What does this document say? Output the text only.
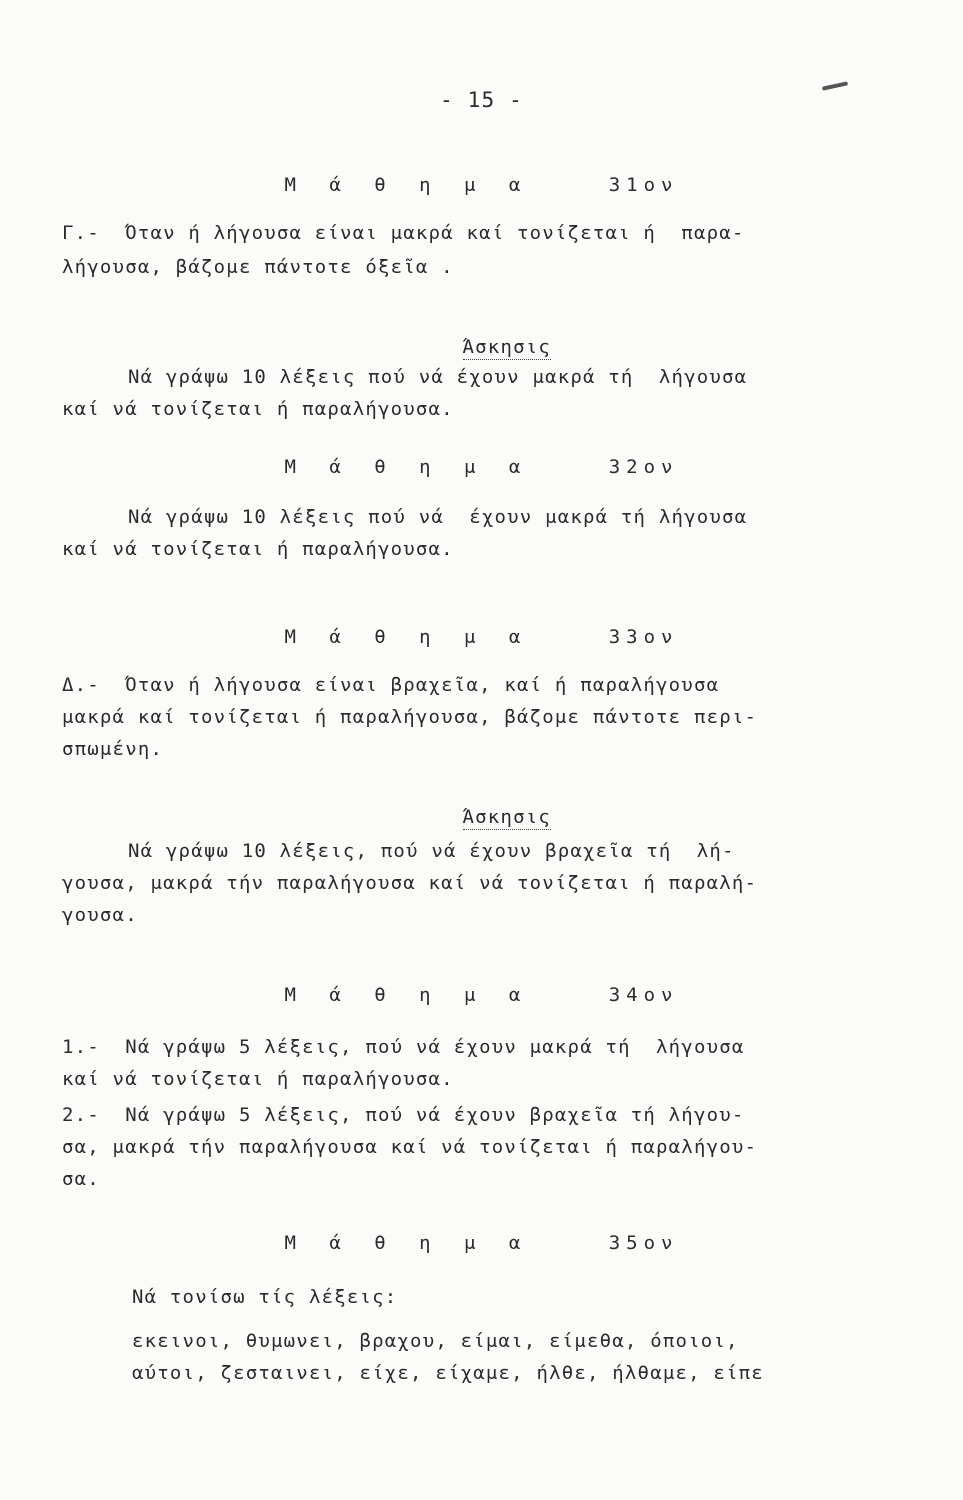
- 15 -
Μ ά θ η μ α   31ον
Γ.-  Όταν ή λήγουσα είναι μακρά καί τονίζεται ή  παρα-
λήγουσα, βάζομε πάντοτε όξεῖα .

Άσκησις

Νά γράψω 10 λέξεις πού νά έχουν μακρά τή  λήγουσα
καί νά τονίζεται ή παραλήγουσα.
Μ ά θ η μ α   32ον
Νά γράψω 10 λέξεις πού νά  έχουν μακρά τή λήγουσα
καί νά τονίζεται ή παραλήγουσα.
Μ ά θ η μ α   33ον
Δ.-  Όταν ή λήγουσα είναι βραχεῖα, καί ή παραλήγουσα
μακρά καί τονίζεται ή παραλήγουσα, βάζομε πάντοτε περι-
σπωμένη.

Άσκησις

Νά γράψω 10 λέξεις, πού νά έχουν βραχεῖα τή  λή-
γουσα, μακρά τήν παραλήγουσα καί νά τονίζεται ή παραλή-
γουσα.
Μ ά θ η μ α   34ον
1.-  Νά γράψω 5 λέξεις, πού νά έχουν μακρά τή  λήγουσα
καί νά τονίζεται ή παραλήγουσα.
2.-  Νά γράψω 5 λέξεις, πού νά έχουν βραχεῖα τή λήγου-
σα, μακρά τήν παραλήγουσα καί νά τονίζεται ή παραλήγου-
σα.
Μ ά θ η μ α   35ον
Νά τονίσω τίς λέξεις:
εκεινοι, θυμωνει, βραχου, είμαι, είμεθα, όποιοι,
αύτοι, ζεσταινει, είχε, είχαμε, ήλθε, ήλθαμε, είπε
